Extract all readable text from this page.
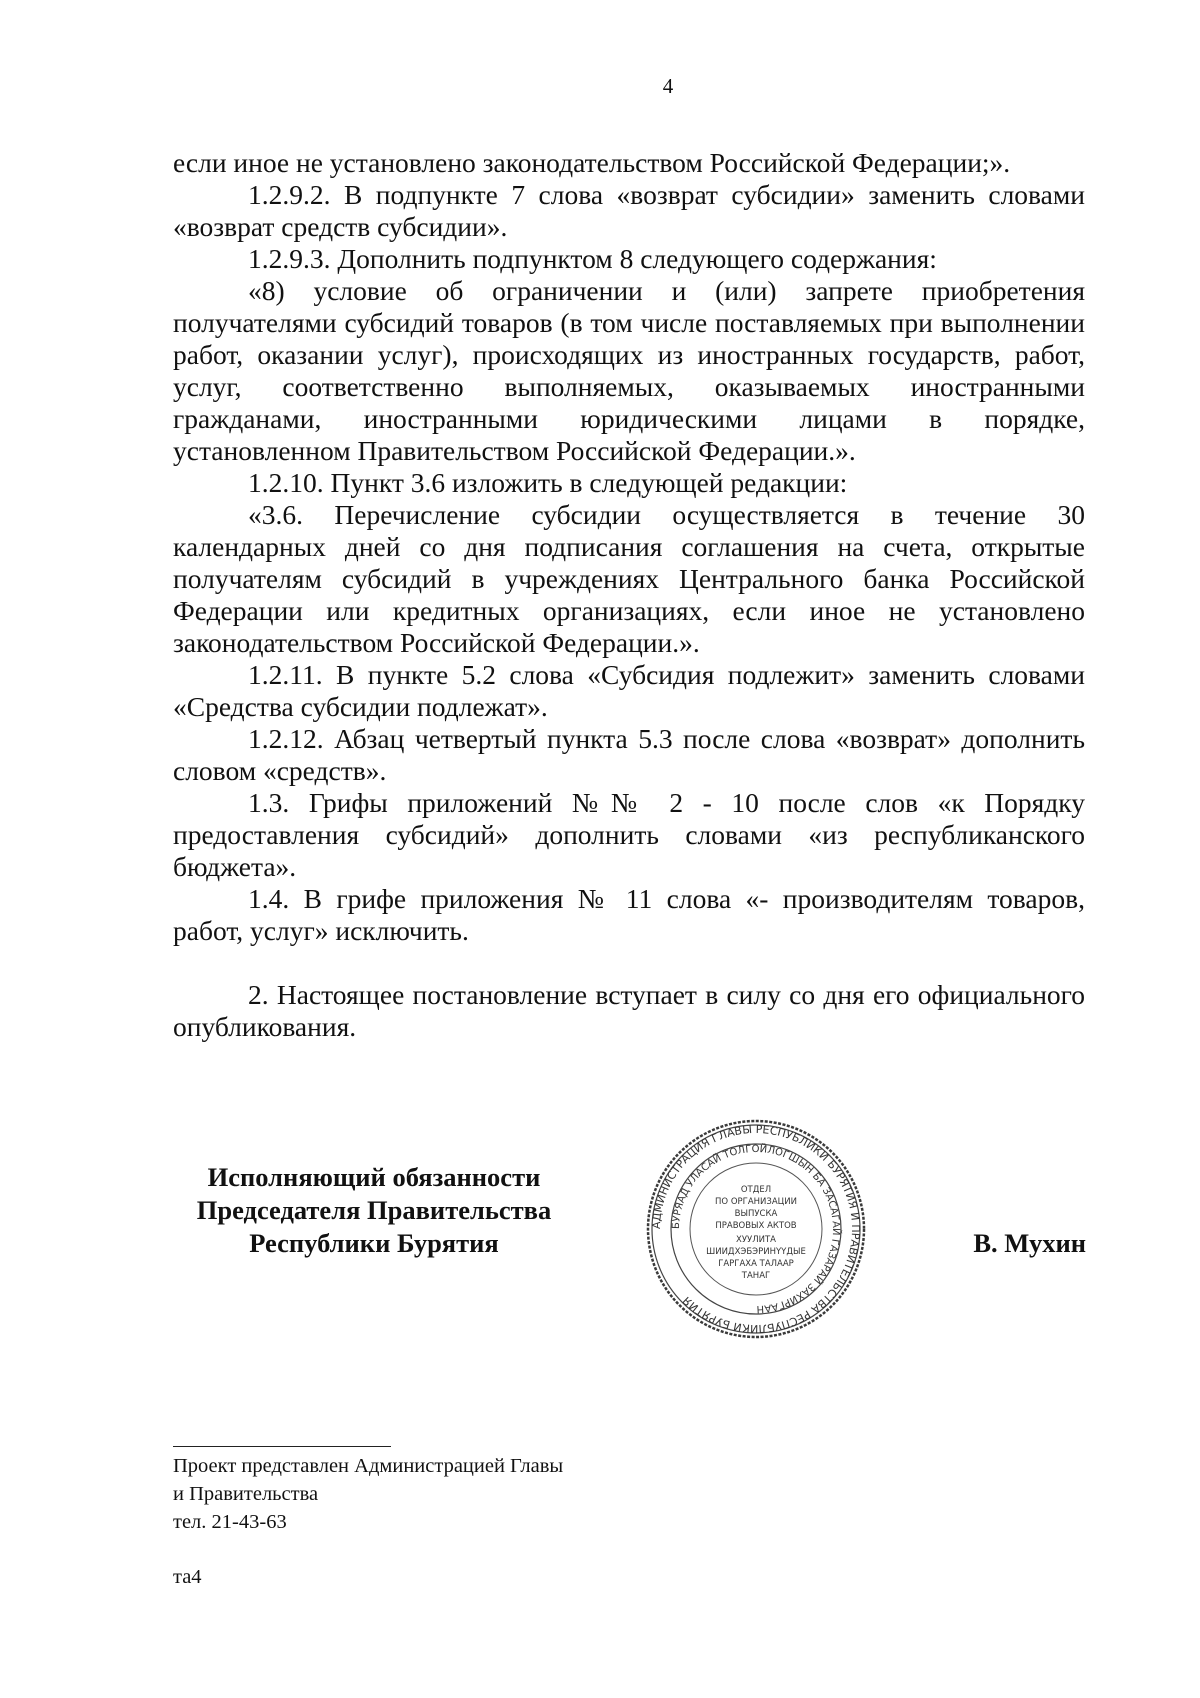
4

если иное не установлено законодательством Российской Федерации;».

1.2.9.2. В подпункте 7 слова «возврат субсидии» заменить словами «возврат средств субсидии».

1.2.9.3. Дополнить подпунктом 8 следующего содержания:

«8) условие об ограничении и (или) запрете приобретения получателями субсидий товаров (в том числе поставляемых при выполнении работ, оказании услуг), происходящих из иностранных государств, работ, услуг, соответственно выполняемых, оказываемых иностранными гражданами, иностранными юридическими лицами в порядке, установленном Правительством Российской Федерации.».

1.2.10. Пункт 3.6 изложить в следующей редакции:

«3.6. Перечисление субсидии осуществляется в течение 30 календарных дней со дня подписания соглашения на счета, открытые получателям субсидий в учреждениях Центрального банка Российской Федерации или кредитных организациях, если иное не установлено законодательством Российской Федерации.».

1.2.11. В пункте 5.2 слова «Субсидия подлежит» заменить словами «Средства субсидии подлежат».

1.2.12. Абзац четвертый пункта 5.3 после слова «возврат» дополнить словом «средств».

1.3. Грифы приложений №№ 2 - 10 после слов «к Порядку предоставления субсидий» дополнить словами «из республиканского бюджета».

1.4. В грифе приложения № 11 слова «- производителям товаров, работ, услуг» исключить.

2. Настоящее постановление вступает в силу со дня его официального опубликования.

Исполняющий обязанности
Председателя Правительства
Республики Бурятия
АДМИНИСТРАЦИЯ ГЛАВЫ РЕСПУБЛИКИ БУРЯТИЯ И ПРАВИТЕЛЬСТВА РЕСПУБЛИКИ БУРЯТИЯ
БУРЯАД УЛАСАЙ ТОЛГОЙЛОГШЫН БА ЗАСАГАЙ ГАЗАРАЙ ЗАХИРГААН
ОТДЕЛ
ПО ОРГАНИЗАЦИИ
ВЫПУСКА
ПРАВОВЫХ АКТОВ
ХУУЛИТА
ШИИДХЭБЭРИНҮҮДЫЕ
ГАРГАХА ТАЛААР
ТАНАГ
В. Мухин
Проект представлен Администрацией Главы
и Правительства
тел. 21-43-63
та4
